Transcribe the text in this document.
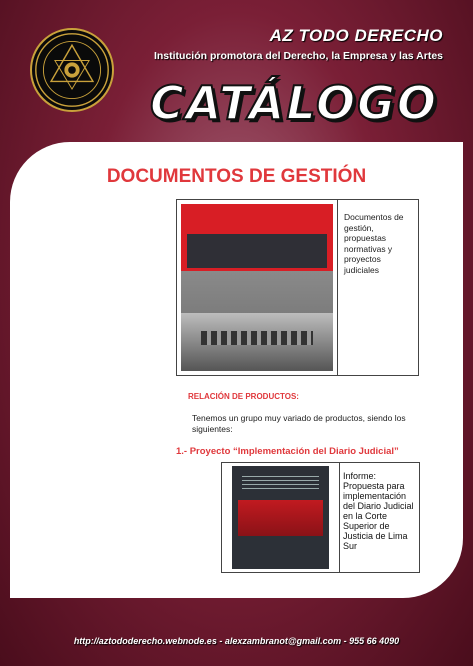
AZ TODO DERECHO
Institución promotora del Derecho, la Empresa y las Artes
CATÁLOGO
DOCUMENTOS DE GESTIÓN
Documentos de gestión, propuestas normativas y proyectos judiciales
RELACIÓN DE PRODUCTOS:
Tenemos un grupo muy variado de productos, siendo los siguientes:
1.- Proyecto “Implementación del Diario Judicial”
Informe: Propuesta para implementación del Diario Judicial en la Corte Superior de Justicia de Lima Sur
http://aztododerecho.webnode.es - alexzambranot@gmail.com - 955 66 4090
